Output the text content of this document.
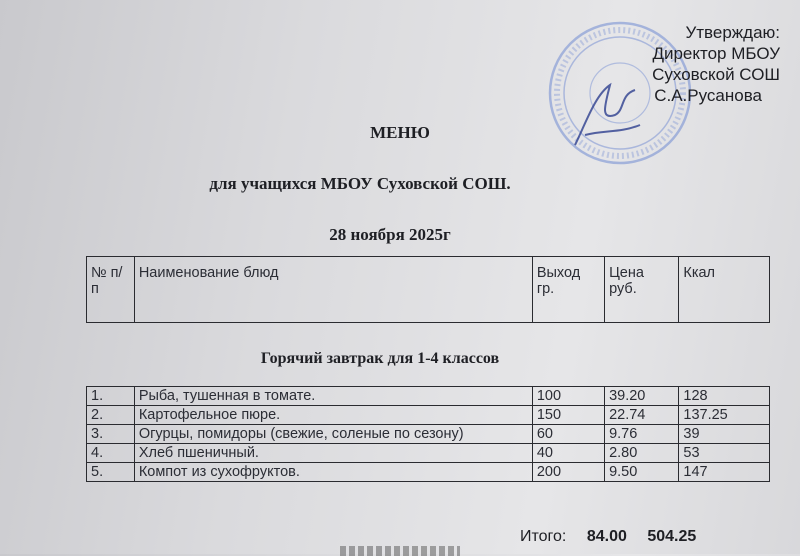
Утверждаю:
Директор МБОУ
Суховской СОШ
С.А.Русанова
МЕНЮ
для учащихся МБОУ Суховской СОШ.
28 ноября 2025г
№ п/п	Наименование блюд	Выход гр.	Цена руб.	Ккал
Горячий завтрак для 1-4 классов
1.	Рыба, тушенная в томате.	100	39.20	128
2.	Картофельное пюре.	150	22.74	137.25
3.	Огурцы, помидоры (свежие, соленые по сезону)	60	9.76	39
4.	Хлеб пшеничный.	40	2.80	53
5.	Компот из сухофруктов.	200	9.50	147
Итого: 84.00 504.25
